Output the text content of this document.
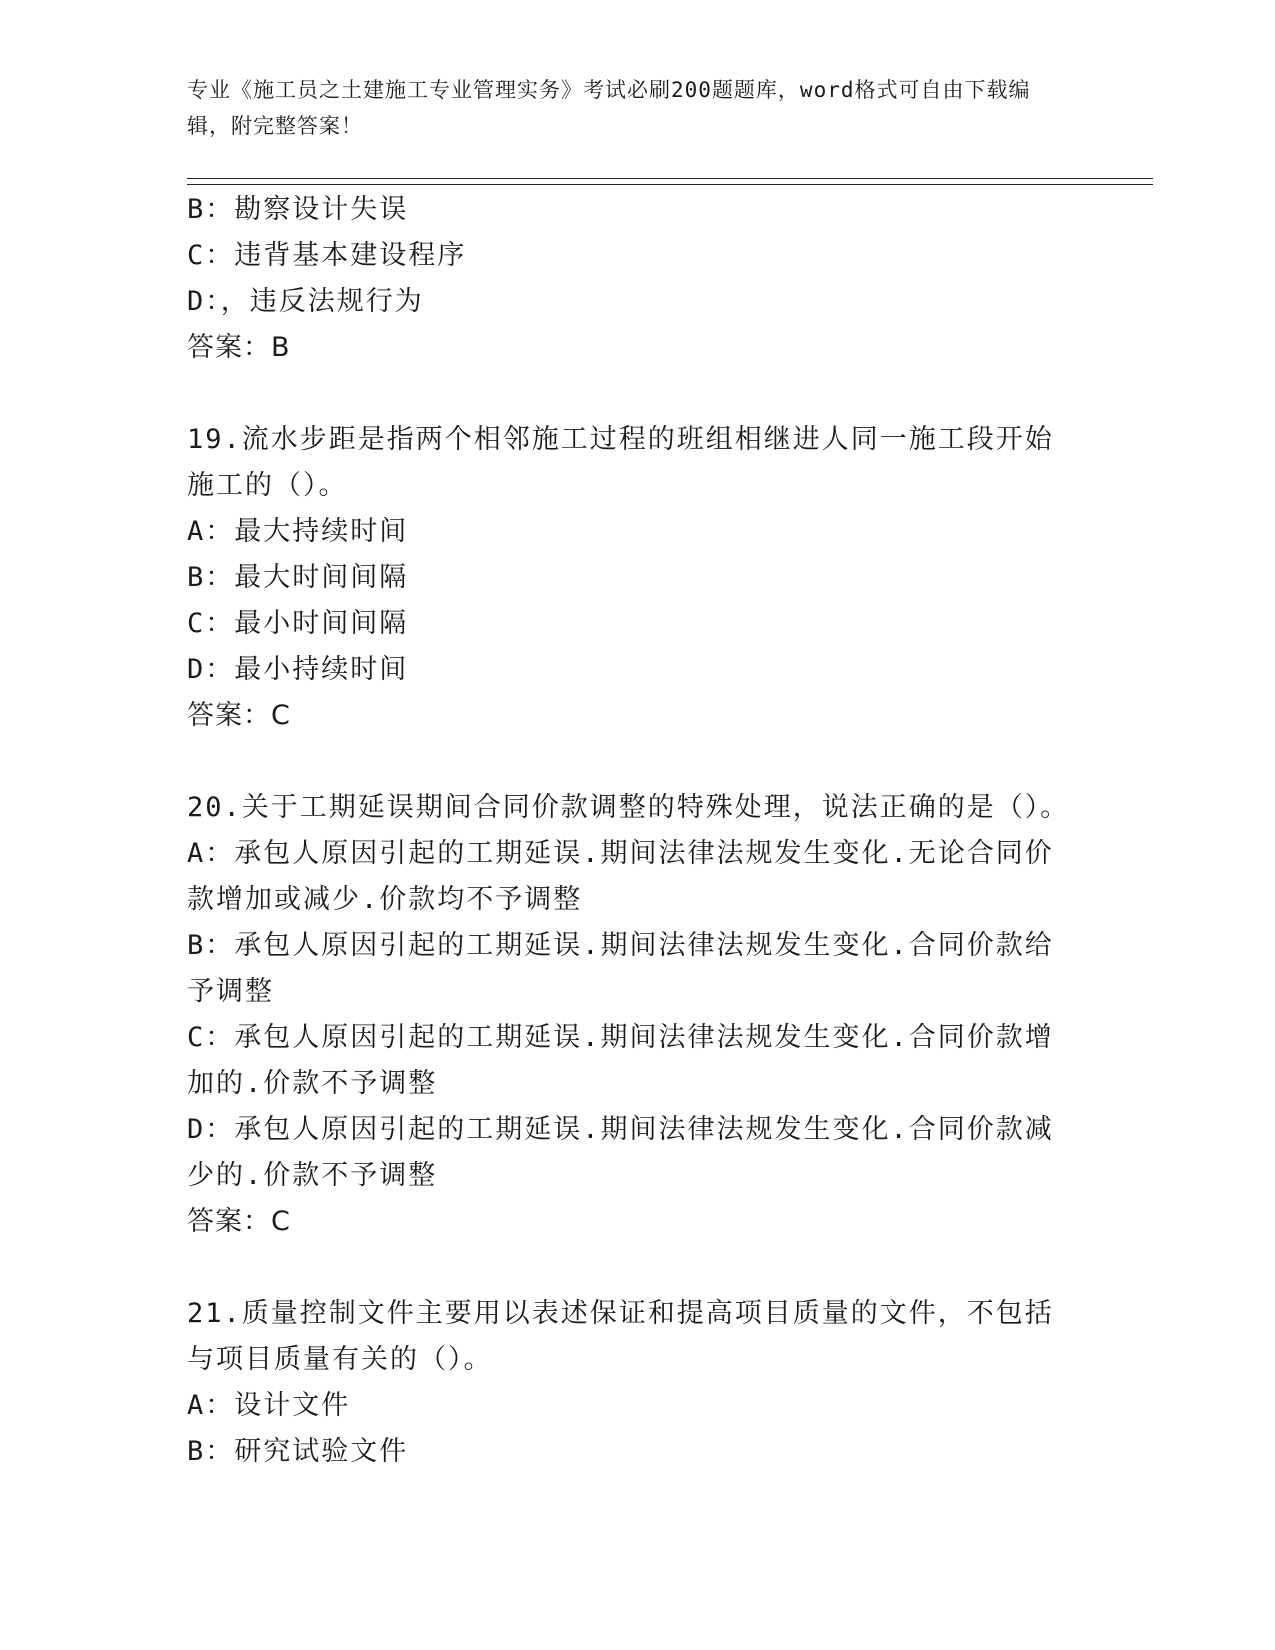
专业《施工员之土建施工专业管理实务》考试必刷200题题库，word格式可自由下载编辑，附完整答案！
B：勘察设计失误
C：违背基本建设程序
D：，违反法规行为
答案：B
19.流水步距是指两个相邻施工过程的班组相继进人同一施工段开始施工的（）。
A：最大持续时间
B：最大时间间隔
C：最小时间间隔
D：最小持续时间
答案：C
20.关于工期延误期间合同价款调整的特殊处理，说法正确的是（）。
A：承包人原因引起的工期延误.期间法律法规发生变化.无论合同价款增加或减少.价款均不予调整
B：承包人原因引起的工期延误.期间法律法规发生变化.合同价款给予调整
C：承包人原因引起的工期延误.期间法律法规发生变化.合同价款增加的.价款不予调整
D：承包人原因引起的工期延误.期间法律法规发生变化.合同价款减少的.价款不予调整
答案：C
21.质量控制文件主要用以表述保证和提高项目质量的文件，不包括与项目质量有关的（）。
A：设计文件
B：研究试验文件
